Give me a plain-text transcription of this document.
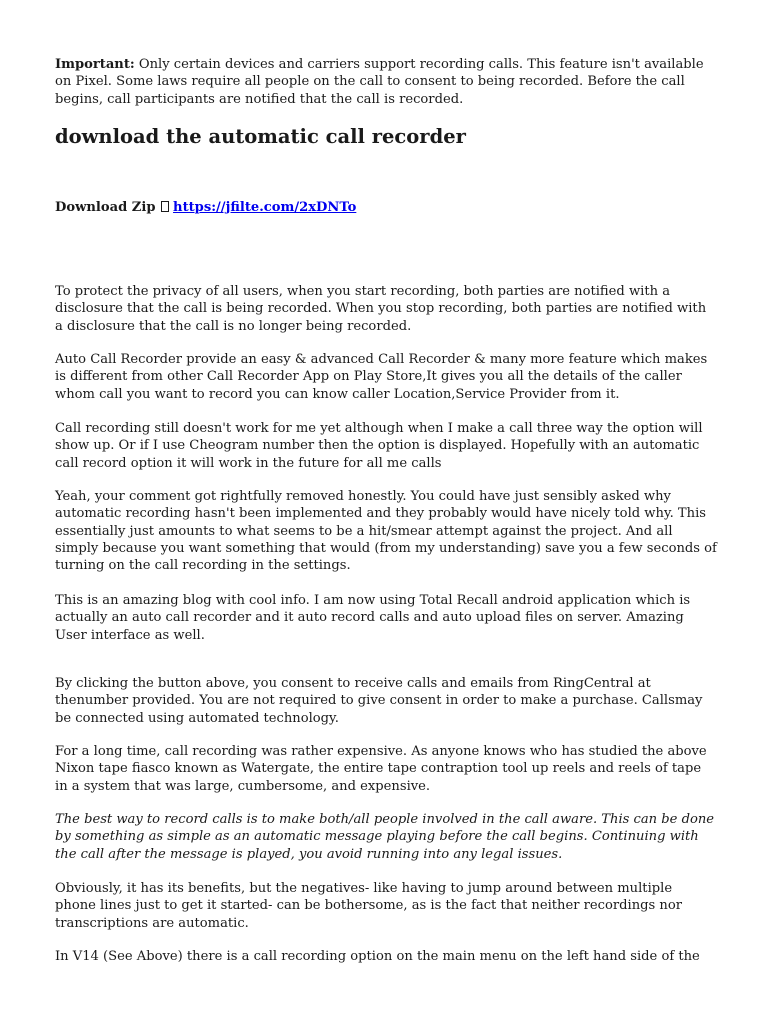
Important: Only certain devices and carriers support recording calls. This feature isn't available on Pixel. Some laws require all people on the call to consent to being recorded. Before the call begins, call participants are notified that the call is recorded.

download the automatic call recorder
Download Zip https://jfilte.com/2xDNTo

To protect the privacy of all users, when you start recording, both parties are notified with a disclosure that the call is being recorded. When you stop recording, both parties are notified with a disclosure that the call is no longer being recorded.

Auto Call Recorder provide an easy & advanced Call Recorder & many more feature which makes is different from other Call Recorder App on Play Store,It gives you all the details of the caller whom call you want to record you can know caller Location,Service Provider from it.

Call recording still doesn't work for me yet although when I make a call three way the option will show up. Or if I use Cheogram number then the option is displayed. Hopefully with an automatic call record option it will work in the future for all me calls

Yeah, your comment got rightfully removed honestly. You could have just sensibly asked why automatic recording hasn't been implemented and they probably would have nicely told why. This essentially just amounts to what seems to be a hit/smear attempt against the project. And all simply because you want something that would (from my understanding) save you a few seconds of turning on the call recording in the settings.

This is an amazing blog with cool info. I am now using Total Recall android application which is actually an auto call recorder and it auto record calls and auto upload files on server. Amazing User interface as well.

By clicking the button above, you consent to receive calls and emails from RingCentral at thenumber provided. You are not required to give consent in order to make a purchase. Callsmay be connected using automated technology.

For a long time, call recording was rather expensive. As anyone knows who has studied the above Nixon tape fiasco known as Watergate, the entire tape contraption tool up reels and reels of tape in a system that was large, cumbersome, and expensive.

The best way to record calls is to make both/all people involved in the call aware. This can be done by something as simple as an automatic message playing before the call begins. Continuing with the call after the message is played, you avoid running into any legal issues.

Obviously, it has its benefits, but the negatives- like having to jump around between multiple phone lines just to get it started- can be bothersome, as is the fact that neither recordings nor transcriptions are automatic.

In V14 (See Above) there is a call recording option on the main menu on the left hand side of the
